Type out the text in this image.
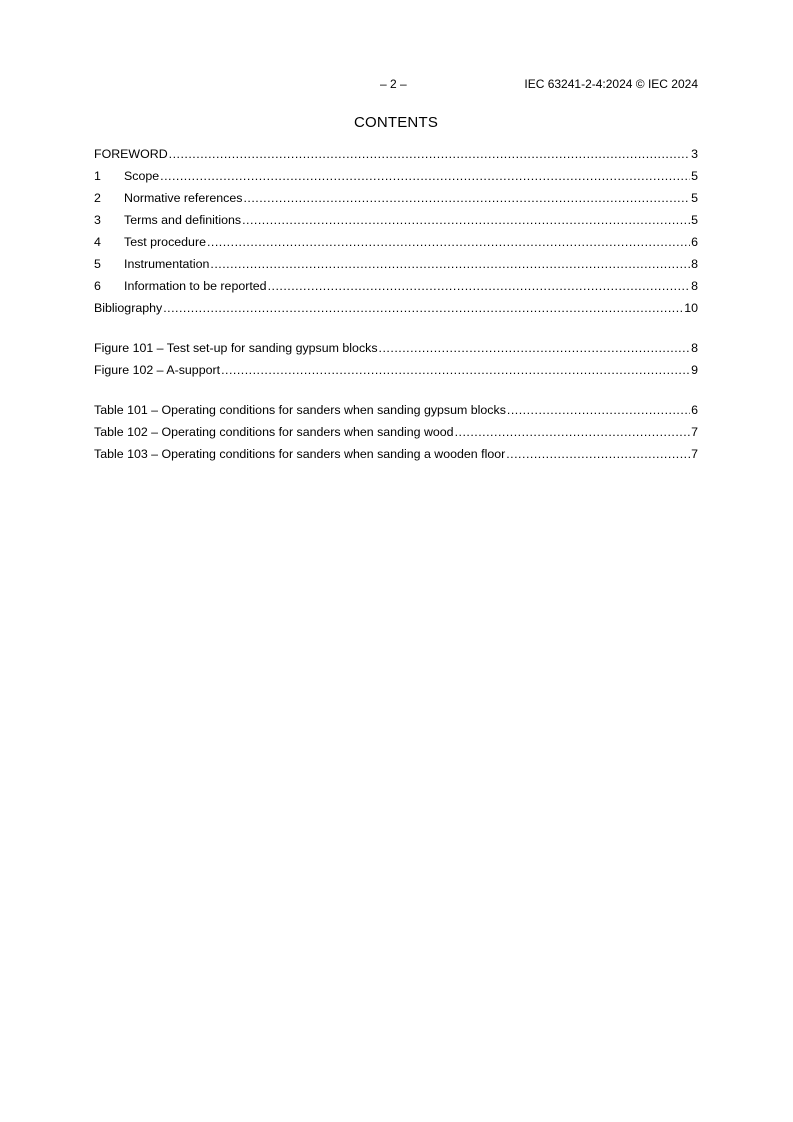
– 2 –	IEC 63241-2-4:2024 © IEC 2024
CONTENTS
FOREWORD .....	3
1	Scope .....	5
2	Normative references .....	5
3	Terms and definitions .....	5
4	Test procedure .....	6
5	Instrumentation .....	8
6	Information to be reported .....	8
Bibliography .....	10
Figure 101 – Test set-up for sanding gypsum blocks .....	8
Figure 102 – A-support .....	9
Table 101 – Operating conditions for sanders when sanding gypsum blocks .....	6
Table 102 – Operating conditions for sanders when sanding wood .....	7
Table 103 – Operating conditions for sanders when sanding a wooden floor .....	7
